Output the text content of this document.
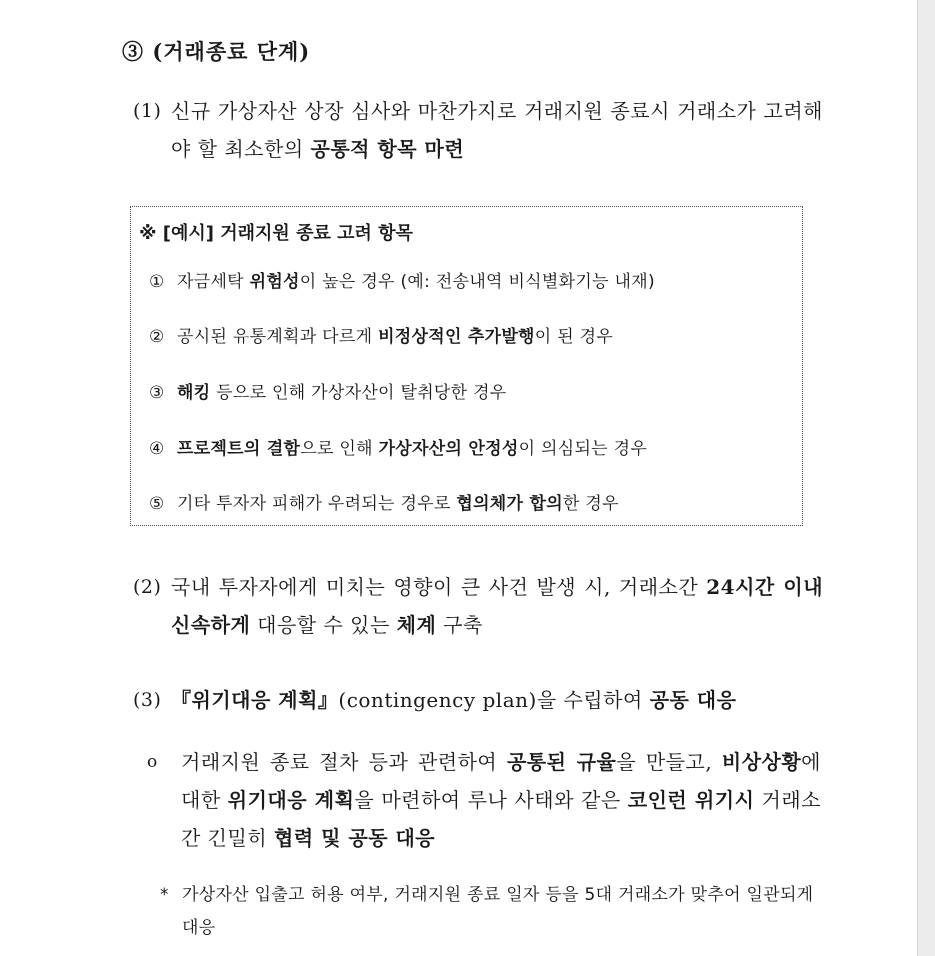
③ (거래종료 단계)
(1) 신규 가상자산 상장 심사와 마찬가지로 거래지원 종료시 거래소가 고려해야 할 최소한의 공통적 항목 마련
※ [예시] 거래지원 종료 고려 항목
① 자금세탁 위험성이 높은 경우 (예: 전송내역 비식별화기능 내재)
② 공시된 유통계획과 다르게 비정상적인 추가발행이 된 경우
③ 해킹 등으로 인해 가상자산이 탈취당한 경우
④ 프로젝트의 결함으로 인해 가상자산의 안정성이 의심되는 경우
⑤ 기타 투자자 피해가 우려되는 경우로 협의체가 합의한 경우
(2) 국내 투자자에게 미치는 영향이 큰 사건 발생 시, 거래소간 24시간 이내 신속하게 대응할 수 있는 체계 구축
(3) 『위기대응 계획』(contingency plan)을 수립하여 공동 대응
o 거래지원 종료 절차 등과 관련하여 공통된 규율을 만들고, 비상상황에 대한 위기대응 계획을 마련하여 루나 사태와 같은 코인런 위기시 거래소간 긴밀히 협력 및 공동 대응
* 가상자산 입출고 허용 여부, 거래지원 종료 일자 등을 5대 거래소가 맞추어 일관되게 대응
